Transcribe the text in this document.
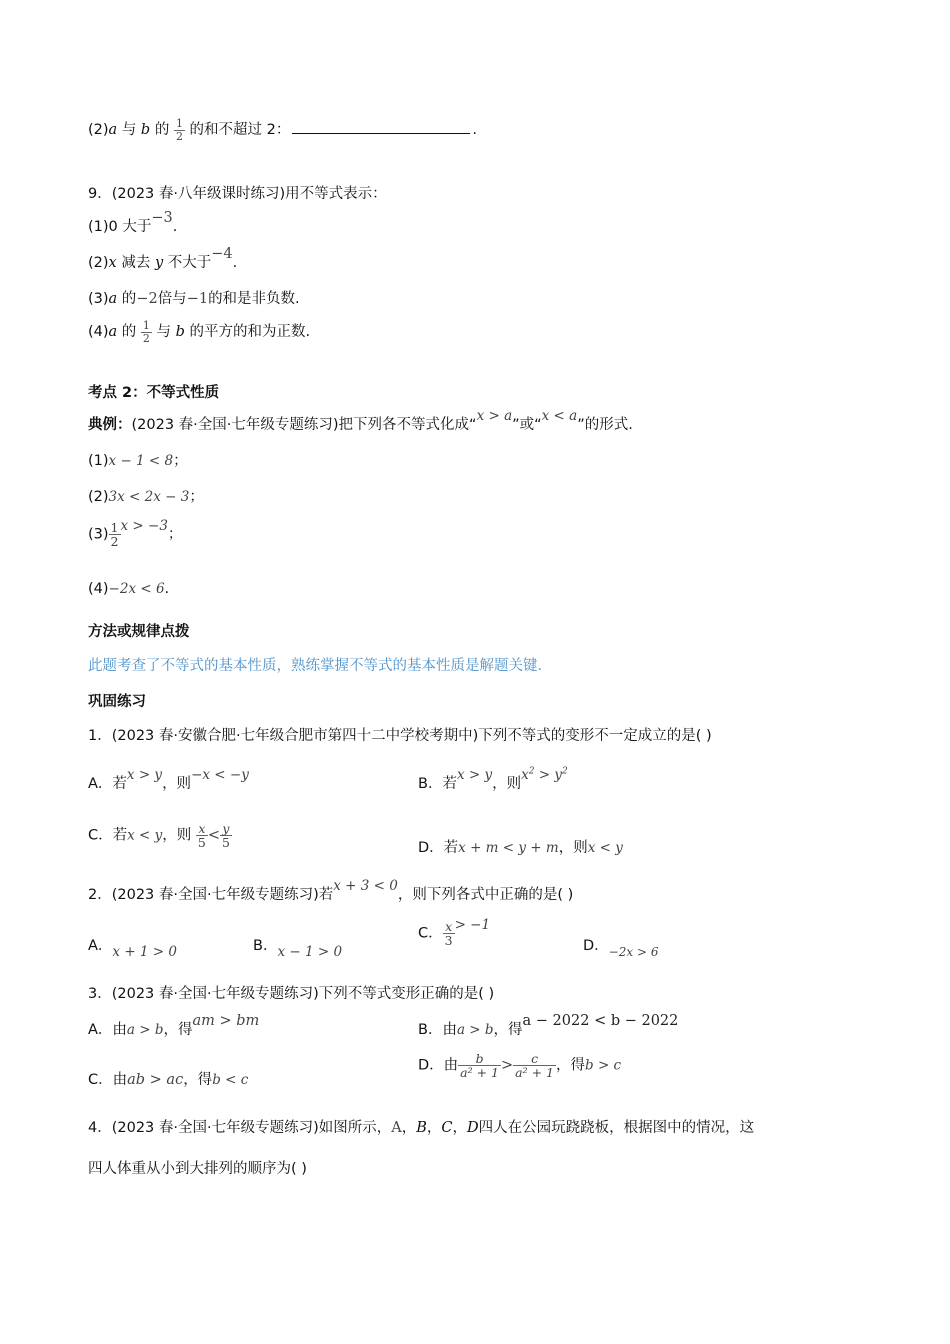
(2)a 与 b 的 $\frac{1}{2}$ 的和不超过 2：	.
9．(2023 春·八年级课时练习)用不等式表示：
(1)0 大于−3.
(2)x 减去 y 不大于−4.
(3)a 的−2倍与−1的和是非负数.
(4)a 的 $\frac{1}{2}$ 与 b 的平方的和为正数.
考点 2：不等式性质
典例：(2023 春·全国·七年级专题练习)把下列各不等式化成“x > a”或“x < a”的形式.
(1)x − 1 < 8；
(2)3x < 2x − 3；
$(3) \frac{1}{2}$ x > −3；
(4)−2x < 6.
方法或规律点拨
此题考查了不等式的基本性质，熟练掌握不等式的基本性质是解题关键.
巩固练习
1．(2023 春·安徽合肥·七年级合肥市第四十二中学校考期中)下列不等式的变形不一定成立的是( )
A．若x > y，则−x < −y
B．若x > y，则$x^2 > y^2$
C．若x < y，则 $\frac{x}{5} < \frac{y}{5}$	D．若x + m < y + m，则x < y
2．(2023 春·全国·七年级专题练习)若x + 3 < 0，则下列各式中正确的是( )
A．x + 1 > 0	B．x − 1 > 0
C． $\frac{x}{3} > -1$
D．$_{-2x > 6}$
3．(2023 春·全国·七年级专题练习)下列不等式变形正确的是( )
A．由a > b，得am > bm
B．由a > b，得a − 2022 < b − 2022
C．由ab > ac，得b < c
D．由 $\frac{b}{\text{a² + 1}} > \frac{c}{\text{a² + 1}}$ ，得b > c
4．(2023 春·全国·七年级专题练习)如图所示，A，B，C，D四人在公园玩跷跷板，根据图中的情况，这
四人体重从小到大排列的顺序为( )
